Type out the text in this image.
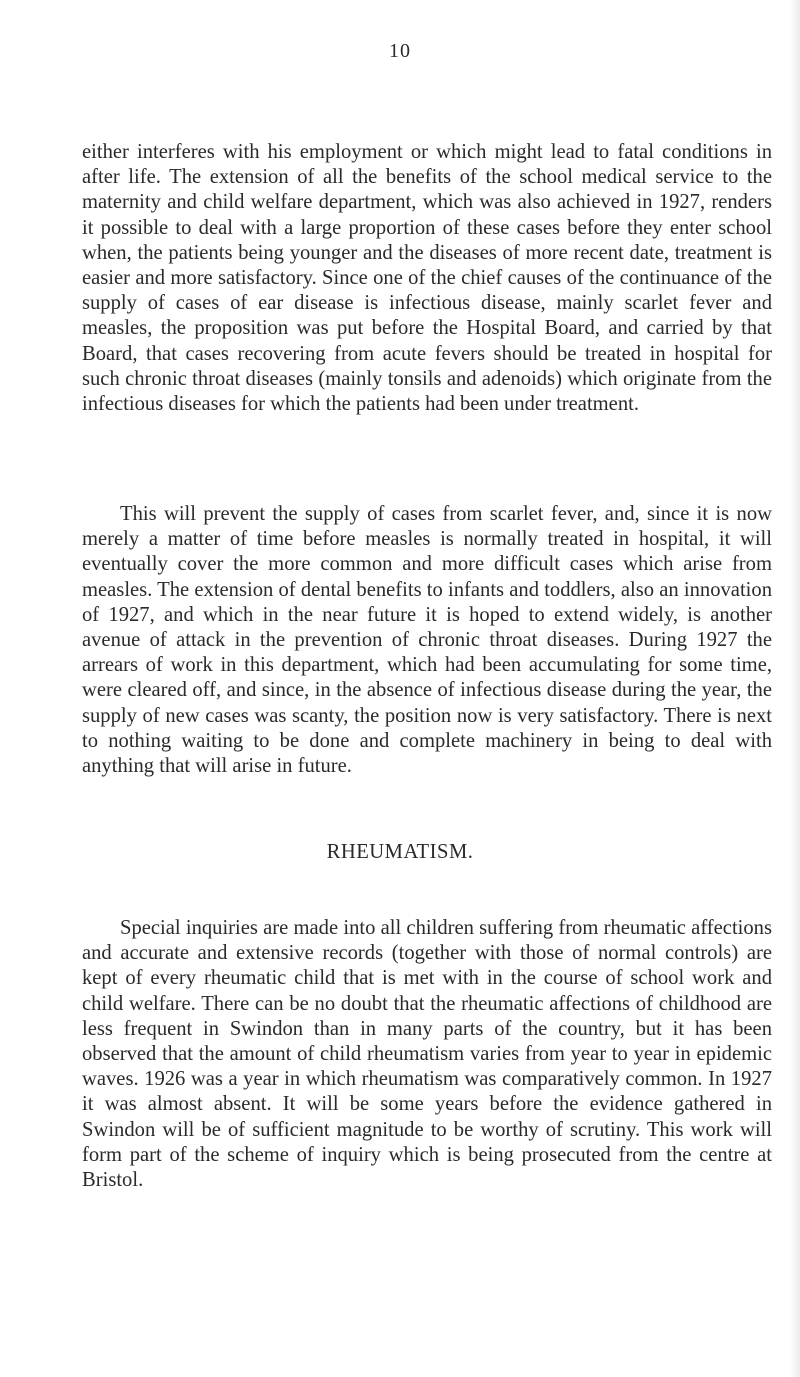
10

either interferes with his employment or which might lead to fatal conditions in after life. The extension of all the benefits of the school medical service to the maternity and child welfare department, which was also achieved in 1927, renders it possible to deal with a large proportion of these cases before they enter school when, the patients being younger and the diseases of more recent date, treatment is easier and more satisfactory. Since one of the chief causes of the continuance of the supply of cases of ear disease is infectious disease, mainly scarlet fever and measles, the proposition was put before the Hospital Board, and carried by that Board, that cases recovering from acute fevers should be treated in hospital for such chronic throat diseases (mainly tonsils and adenoids) which originate from the infectious diseases for which the patients had been under treatment.

This will prevent the supply of cases from scarlet fever, and, since it is now merely a matter of time before measles is normally treated in hospital, it will eventually cover the more common and more difficult cases which arise from measles. The extension of dental benefits to infants and toddlers, also an innovation of 1927, and which in the near future it is hoped to extend widely, is another avenue of attack in the prevention of chronic throat diseases. During 1927 the arrears of work in this department, which had been accumulating for some time, were cleared off, and since, in the absence of infectious disease during the year, the supply of new cases was scanty, the position now is very satisfactory. There is next to nothing waiting to be done and complete machinery in being to deal with anything that will arise in future.

RHEUMATISM.

Special inquiries are made into all children suffering from rheumatic affections and accurate and extensive records (together with those of normal controls) are kept of every rheumatic child that is met with in the course of school work and child welfare. There can be no doubt that the rheumatic affections of childhood are less frequent in Swindon than in many parts of the country, but it has been observed that the amount of child rheumatism varies from year to year in epidemic waves. 1926 was a year in which rheumatism was comparatively common. In 1927 it was almost absent. It will be some years before the evidence gathered in Swindon will be of sufficient magnitude to be worthy of scrutiny. This work will form part of the scheme of inquiry which is being prosecuted from the centre at Bristol.
